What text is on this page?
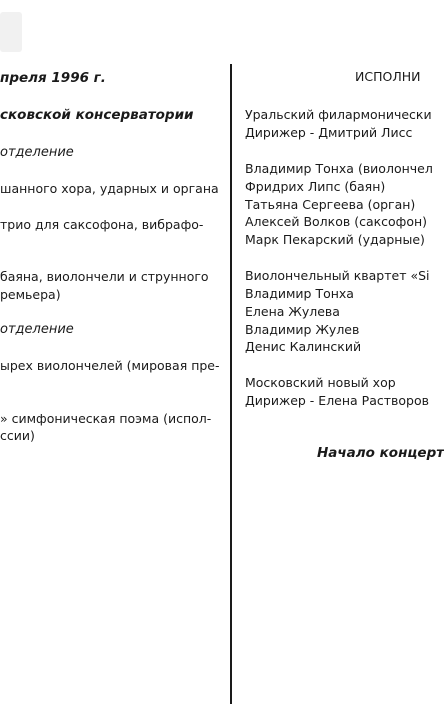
преля 1996 г.
сковской консерватории
отделение
шанного хора, ударных и органа
трио для саксофона, вибрафо-
баяна, виолончели и струнного
ремьера)
отделение
ырех виолончелей (мировая пре-
» симфоническая поэма (испол-
ссии)
ИСПОЛНИ
Уральский филармонически
Дирижер - Дмитрий Лисс
Владимир Тонха (виолончел
Фридрих Липс (баян)
Татьяна Сергеева (орган)
Алексей Волков (саксофон)
Марк Пекарский (ударные)
Виолончельный квартет «Si
Владимир Тонха
Елена Жулева
Владимир Жулев
Денис Калинский
Московский новый хор
Дирижер - Елена Растворов
Начало концерт
